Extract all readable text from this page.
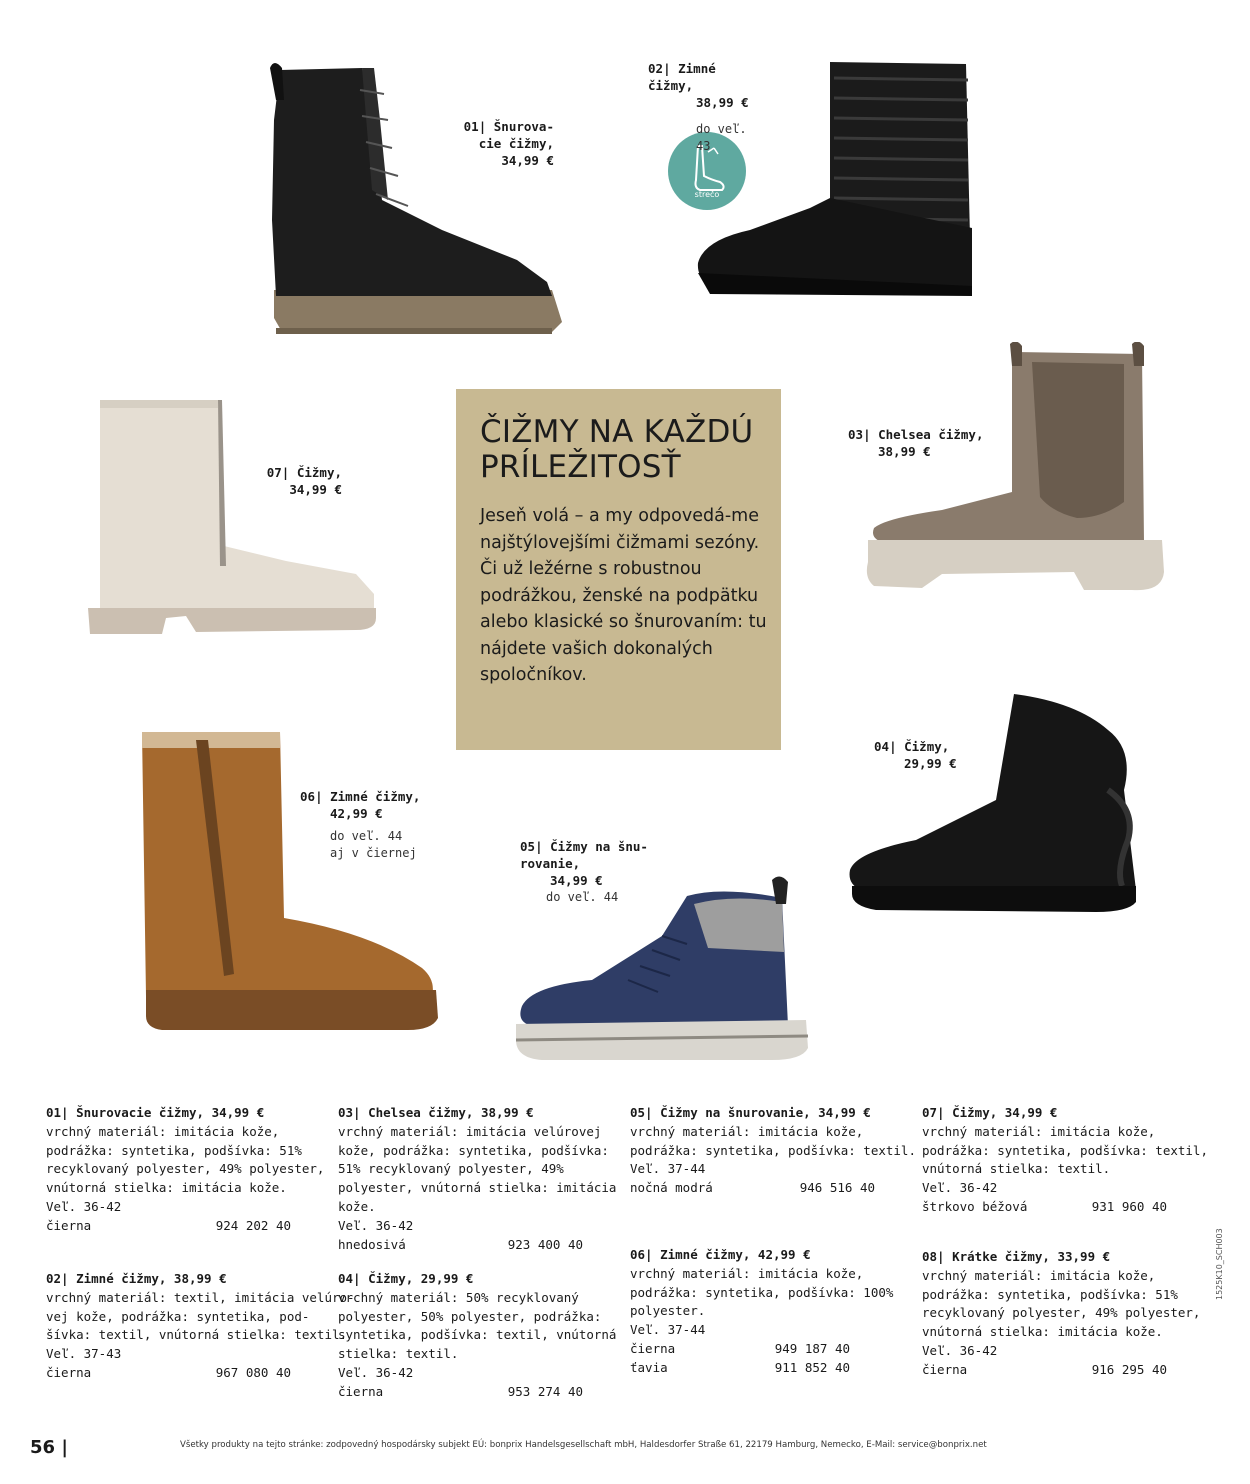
strečo
01| Šnurova-
cie čižmy,
34,99 €
02| Zimné čižmy,
38,99 €
do veľ. 43
07| Čižmy,
34,99 €
03| Chelsea čižmy,
38,99 €
04| Čižmy,
29,99 €
06| Zimné čižmy,
42,99 €
do veľ. 44
aj v čiernej	05| Čižmy na šnu-
rovanie,
34,99 €
do veľ. 44
ČIŽMY NA KAŽDÚ
PRÍLEŽITOSŤ

Jeseň volá – a my odpovedá-me najštýlovejšími čižmami sezóny. Či už ležérne s robustnou podrážkou, ženské na podpätku alebo klasické so šnurovaním: tu nájdete vašich dokonalých spoločníkov.

01| Šnurovacie čižmy, 34,99 €
vrchný materiál: imitácia kože,
podrážka: syntetika, podšívka: 51%
recyklovaný polyester, 49% polyester,
vnútorná stielka: imitácia kože.
Veľ. 36-42
čierna	924 202 40
02| Zimné čižmy, 38,99 €
vrchný materiál: textil, imitácia velúro-
vej kože, podrážka: syntetika, pod-
šívka: textil, vnútorná stielka: textil.
Veľ. 37-43
čierna	967 080 40
03| Chelsea čižmy, 38,99 €
vrchný materiál: imitácia velúrovej
kože, podrážka: syntetika, podšívka:
51% recyklovaný polyester, 49%
polyester, vnútorná stielka: imitácia
kože.
Veľ. 36-42
hnedosivá	923 400 40
04| Čižmy, 29,99 €
vrchný materiál: 50% recyklovaný
polyester, 50% polyester, podrážka:
syntetika, podšívka: textil, vnútorná
stielka: textil.
Veľ. 36-42
čierna	953 274 40
05| Čižmy na šnurovanie, 34,99 €
vrchný materiál: imitácia kože,
podrážka: syntetika, podšívka: textil.
Veľ. 37-44
nočná modrá	946 516 40
06| Zimné čižmy, 42,99 €
vrchný materiál: imitácia kože,
podrážka: syntetika, podšívka: 100%
polyester.
Veľ. 37-44
čierna	949 187 40
ťavia	911 852 40
07| Čižmy, 34,99 €
vrchný materiál: imitácia kože,
podrážka: syntetika, podšívka: textil,
vnútorná stielka: textil.
Veľ. 36-42
štrkovo béžová	931 960 40
08| Krátke čižmy, 33,99 €
vrchný materiál: imitácia kože,
podrážka: syntetika, podšívka: 51%
recyklovaný polyester, 49% polyester,
vnútorná stielka: imitácia kože.
Veľ. 36-42
čierna	916 295 40
56 |	Všetky produkty na tejto stránke: zodpovedný hospodársky subjekt EÚ: bonprix Handelsgesellschaft mbH, Haldesdorfer Straße 61, 22179 Hamburg, Nemecko, E-Mail: service@bonprix.net
1525K10_SCH003
